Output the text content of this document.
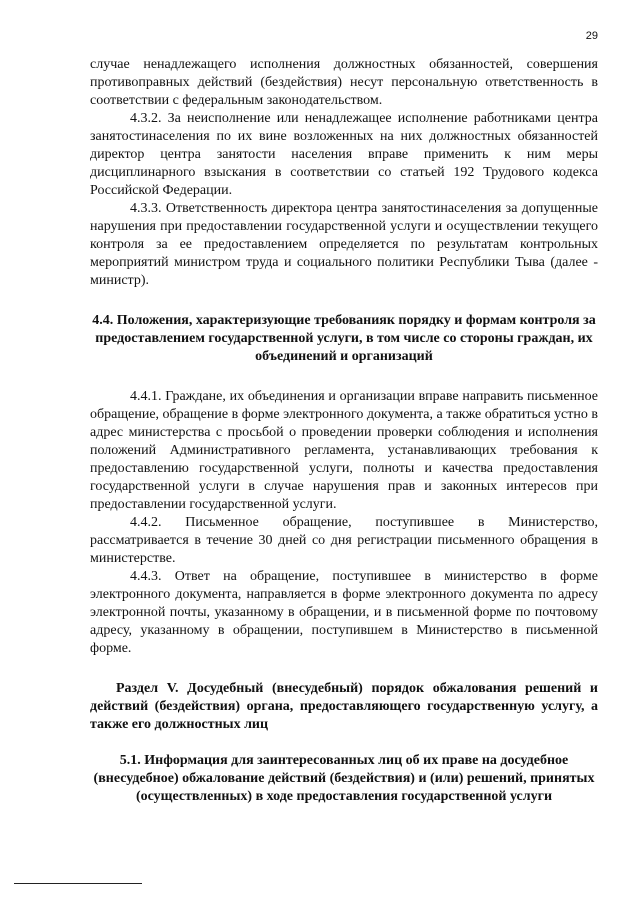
29

случае ненадлежащего исполнения должностных обязанностей, совершения противоправных действий (бездействия) несут персональную ответственность в соответствии с федеральным законодательством.

4.3.2. За неисполнение или ненадлежащее исполнение работниками центра занятостинаселения по их вине возложенных на них должностных обязанностей директор центра занятости населения вправе применить к ним меры дисциплинарного взыскания в соответствии со статьей 192 Трудового кодекса Российской Федерации.

4.3.3. Ответственность директора центра занятостинаселения за допущенные нарушения при предоставлении государственной услуги и осуществлении текущего контроля за ее предоставлением определяется по результатам контрольных мероприятий министром труда и социального политики Республики Тыва (далее - министр).

4.4. Положения, характеризующие требованияк порядку и формам контроля за предоставлением государственной услуги, в том числе со стороны граждан, их объединений и организаций

4.4.1. Граждане, их объединения и организации вправе направить письменное обращение, обращение в форме электронного документа, а также обратиться устно в адрес министерства с просьбой о проведении проверки соблюдения и исполнения положений Административного регламента, устанавливающих требования к предоставлению государственной услуги, полноты и качества предоставления государственной услуги в случае нарушения прав и законных интересов при предоставлении государственной услуги.

4.4.2. Письменное обращение, поступившее в Министерство, рассматривается в течение 30 дней со дня регистрации письменного обращения в министерстве.

4.4.3. Ответ на обращение, поступившее в министерство в форме электронного документа, направляется в форме электронного документа по адресу электронной почты, указанному в обращении, и в письменной форме по почтовому адресу, указанному в обращении, поступившем в Министерство в письменной форме.

Раздел V. Досудебный (внесудебный) порядок обжалования решений и действий (бездействия) органа, предоставляющего государственную услугу, а также его должностных лиц

5.1. Информация для заинтересованных лиц об их праве на досудебное (внесудебное) обжалование действий (бездействия) и (или) решений, принятых (осуществленных) в ходе предоставления государственной услуги
